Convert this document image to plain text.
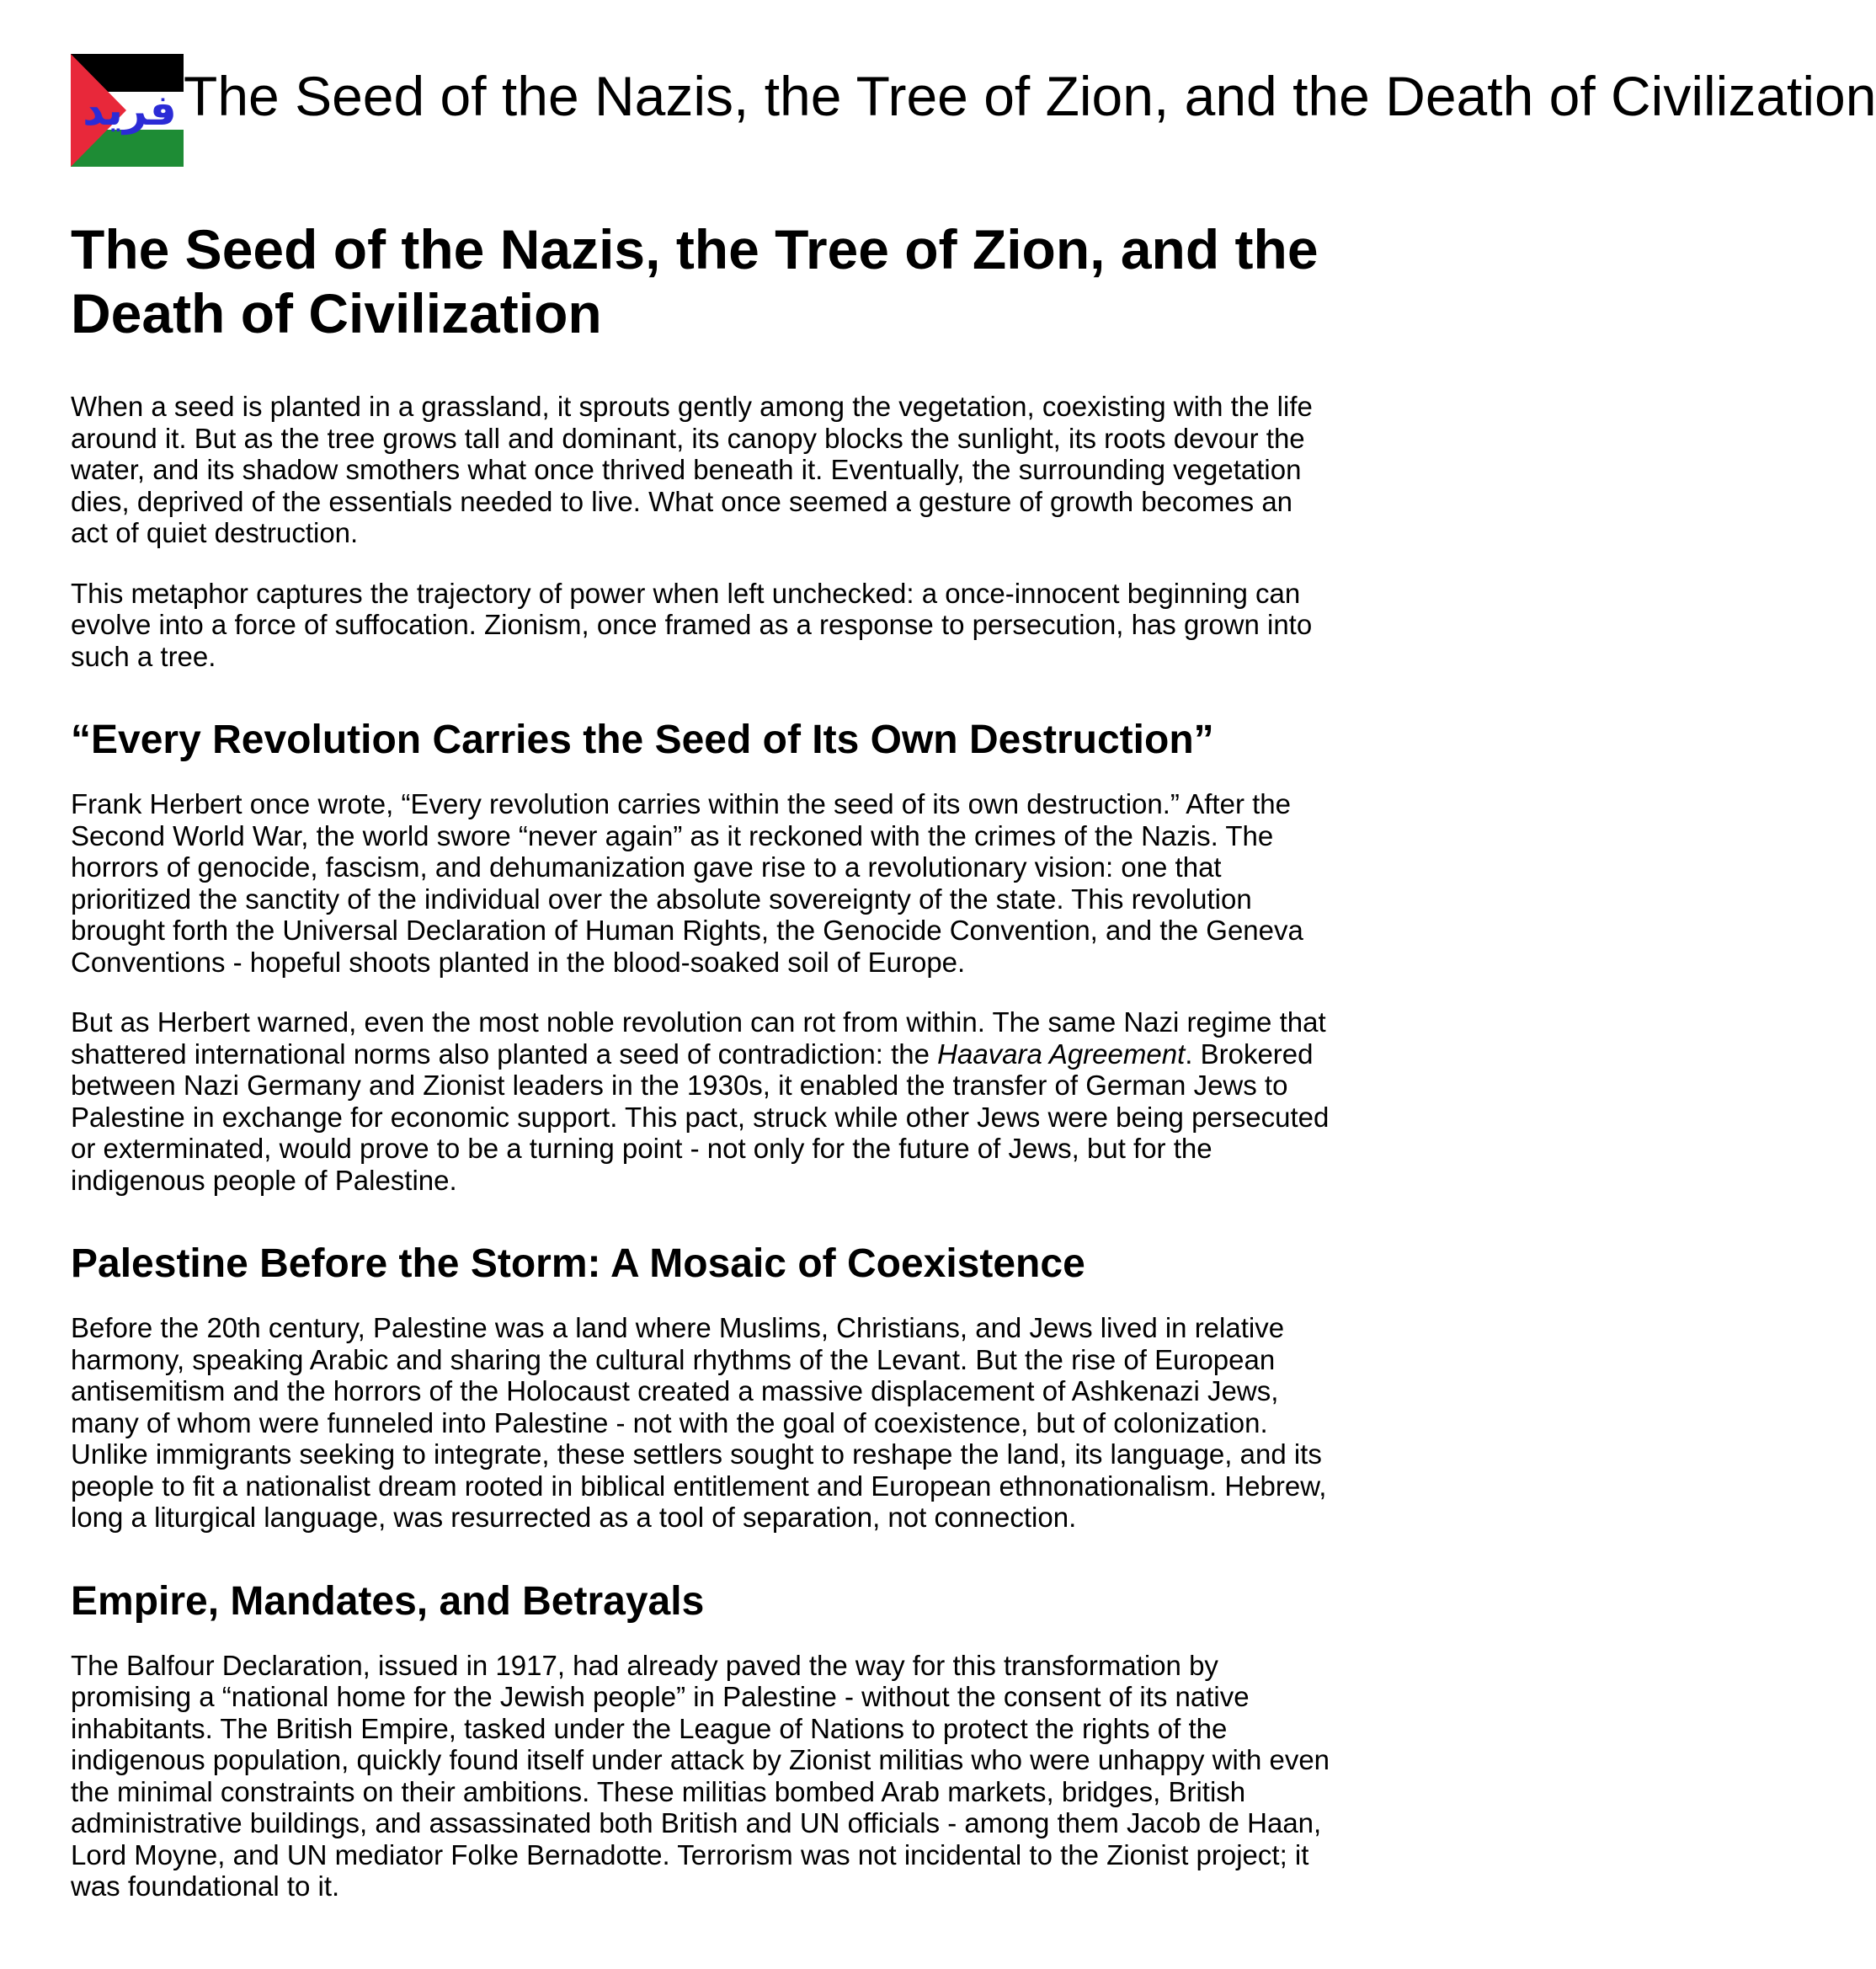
فريد The Seed of the Nazis, the Tree of Zion, and the Death of Civilization
The Seed of the Nazis, the Tree of Zion, and the Death of Civilization

When a seed is planted in a grassland, it sprouts gently among the vegetation, coexisting with the life around it. But as the tree grows tall and dominant, its canopy blocks the sunlight, its roots devour the water, and its shadow smothers what once thrived beneath it. Eventually, the surrounding vegetation dies, deprived of the essentials needed to live. What once seemed a gesture of growth becomes an act of quiet destruction.

This metaphor captures the trajectory of power when left unchecked: a once-innocent beginning can evolve into a force of suffocation. Zionism, once framed as a response to persecution, has grown into such a tree.

“Every Revolution Carries the Seed of Its Own Destruction”

Frank Herbert once wrote, “Every revolution carries within the seed of its own destruction.” After the Second World War, the world swore “never again” as it reckoned with the crimes of the Nazis. The horrors of genocide, fascism, and dehumanization gave rise to a revolutionary vision: one that prioritized the sanctity of the individual over the absolute sovereignty of the state. This revolution brought forth the Universal Declaration of Human Rights, the Genocide Convention, and the Geneva Conventions - hopeful shoots planted in the blood-soaked soil of Europe.

But as Herbert warned, even the most noble revolution can rot from within. The same Nazi regime that shattered international norms also planted a seed of contradiction: the Haavara Agreement. Brokered between Nazi Germany and Zionist leaders in the 1930s, it enabled the transfer of German Jews to Palestine in exchange for economic support. This pact, struck while other Jews were being persecuted or exterminated, would prove to be a turning point - not only for the future of Jews, but for the indigenous people of Palestine.

Palestine Before the Storm: A Mosaic of Coexistence

Before the 20th century, Palestine was a land where Muslims, Christians, and Jews lived in relative harmony, speaking Arabic and sharing the cultural rhythms of the Levant. But the rise of European antisemitism and the horrors of the Holocaust created a massive displacement of Ashkenazi Jews, many of whom were funneled into Palestine - not with the goal of coexistence, but of colonization. Unlike immigrants seeking to integrate, these settlers sought to reshape the land, its language, and its people to fit a nationalist dream rooted in biblical entitlement and European ethnonationalism. Hebrew, long a liturgical language, was resurrected as a tool of separation, not connection.

Empire, Mandates, and Betrayals

The Balfour Declaration, issued in 1917, had already paved the way for this transformation by promising a “national home for the Jewish people” in Palestine - without the consent of its native inhabitants. The British Empire, tasked under the League of Nations to protect the rights of the indigenous population, quickly found itself under attack by Zionist militias who were unhappy with even the minimal constraints on their ambitions. These militias bombed Arab markets, bridges, British administrative buildings, and assassinated both British and UN officials - among them Jacob de Haan, Lord Moyne, and UN mediator Folke Bernadotte. Terrorism was not incidental to the Zionist project; it was foundational to it.
